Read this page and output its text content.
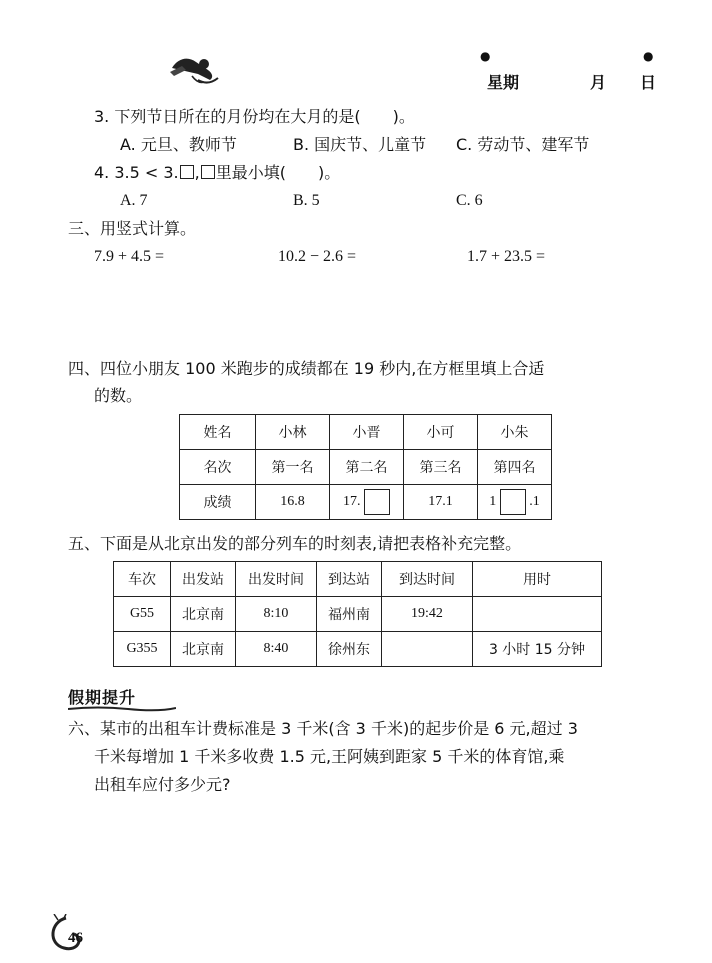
●	●
星期	月 日
3. 下列节日所在的月份均在大月的是(　　)。
A. 元旦、教师节	B. 国庆节、儿童节 C. 劳动节、建军节
4. 3.5 < 3. , 里最小填(　　)。
A. 7	B. 5	C. 6
三、用竖式计算。
7.9 + 4.5 =	10.2 − 2.6 =	1.7 + 23.5 =
四、四位小朋友 100 米跑步的成绩都在 19 秒内,在方框里填上合适
的数。
姓名	小林	小晋	小可	小朱
名次	第一名	第二名	第三名	第四名
成绩	16.8	17.	17.1	1 .1
五、下面是从北京出发的部分列车的时刻表,请把表格补充完整。
车次	出发站	出发时间	到达站	到达时间	用时
G55	北京南	8:10	福州南	19:42	
G355	北京南	8:40	徐州东		3 小时 15 分钟
假期提升
六、某市的出租车计费标准是 3 千米(含 3 千米)的起步价是 6 元,超过 3
千米每增加 1 千米多收费 1.5 元,王阿姨到距家 5 千米的体育馆,乘
出租车应付多少元?
46
